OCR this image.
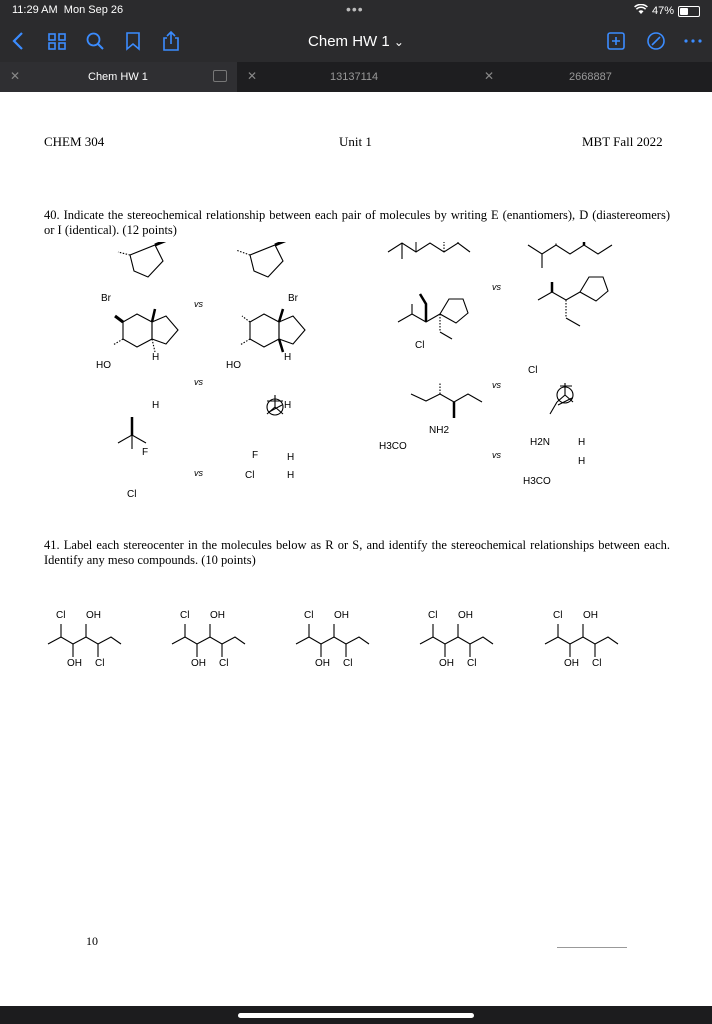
11:29 AM Mon Sep 26	•••	47%
Chem HW 1 ⌄
✕	Chem HW 1	✕	13137114	✕	2668887
CHEM 304	Unit 1	MBT Fall 2022
40. Indicate the stereochemical relationship between each pair of molecules by writing E (enantiomers), D (diastereomers) or I (identical). (12 points)
41. Label each stereocenter in the molecules below as R or S, and identify the stereochemical relationships between each. Identify any meso compounds. (10 points)
Br	Br
vs
vs
HO
H
H
vs
HO
H
H
Cl
Cl
vs
F
Cl
vs
F
Cl
H
H
NH2
H3CO
vs
H2N	H
H
H3CO
Cl OH
OH Cl
Cl OH
OH Cl
Cl OH
OH Cl
Cl OH
OH Cl
Cl OH
OH Cl
10
